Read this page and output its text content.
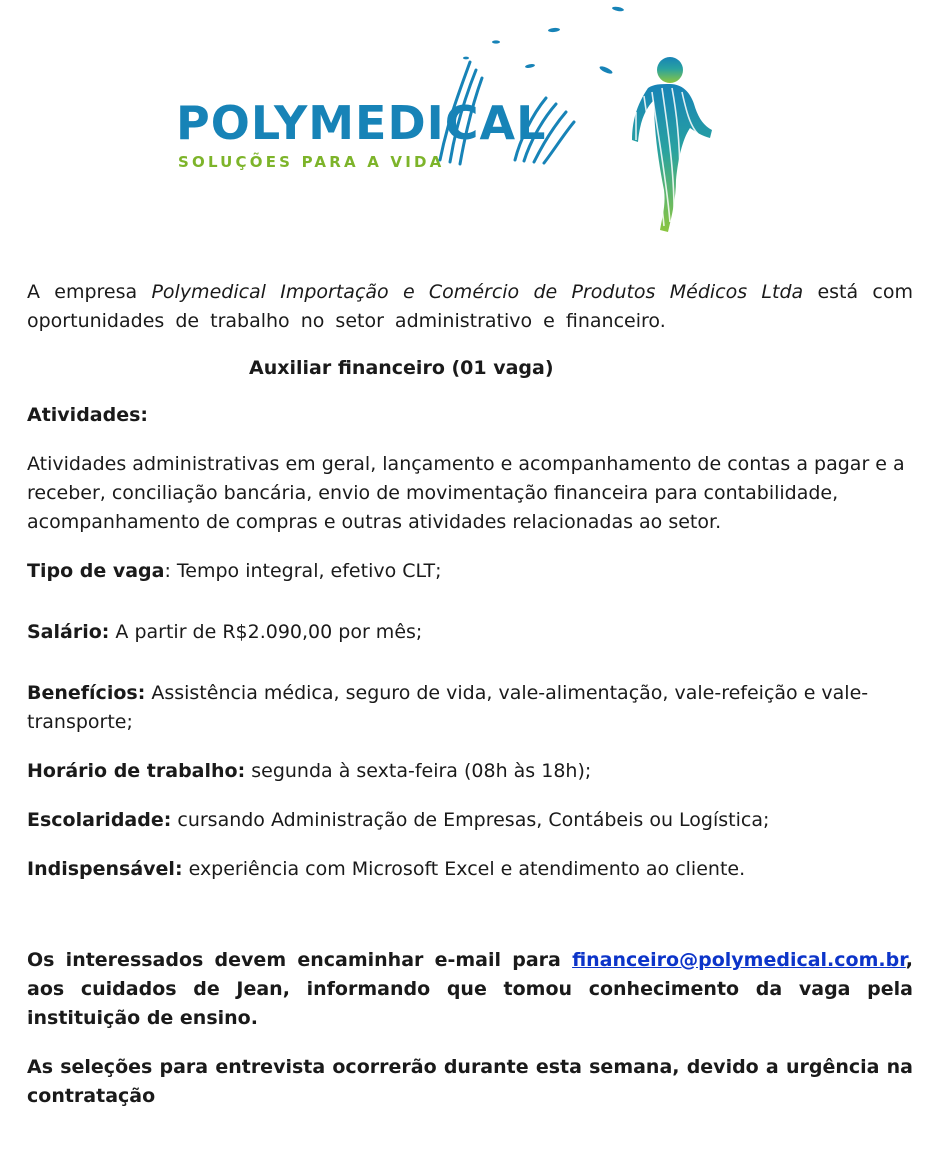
POLYMEDICAL
SOLUÇÕES PARA A VIDA

A empresa Polymedical Importação e Comércio de Produtos Médicos Ltda está com oportunidades de trabalho no setor administrativo e financeiro.

Auxiliar financeiro (01 vaga)

Atividades:

Atividades administrativas em geral, lançamento e acompanhamento de contas a pagar e a receber, conciliação bancária, envio de movimentação financeira para contabilidade, acompanhamento de compras e outras atividades relacionadas ao setor.

Tipo de vaga: Tempo integral, efetivo CLT;

Salário: A partir de R$2.090,00 por mês;

Benefícios: Assistência médica, seguro de vida, vale-alimentação, vale-refeição e vale-transporte;

Horário de trabalho: segunda à sexta-feira (08h às 18h);

Escolaridade: cursando Administração de Empresas, Contábeis ou Logística;

Indispensável: experiência com Microsoft Excel e atendimento ao cliente.

Os interessados devem encaminhar e-mail para financeiro@polymedical.com.br, aos cuidados de Jean, informando que tomou conhecimento da vaga pela instituição de ensino.

As seleções para entrevista ocorrerão durante esta semana, devido a urgência na contratação
